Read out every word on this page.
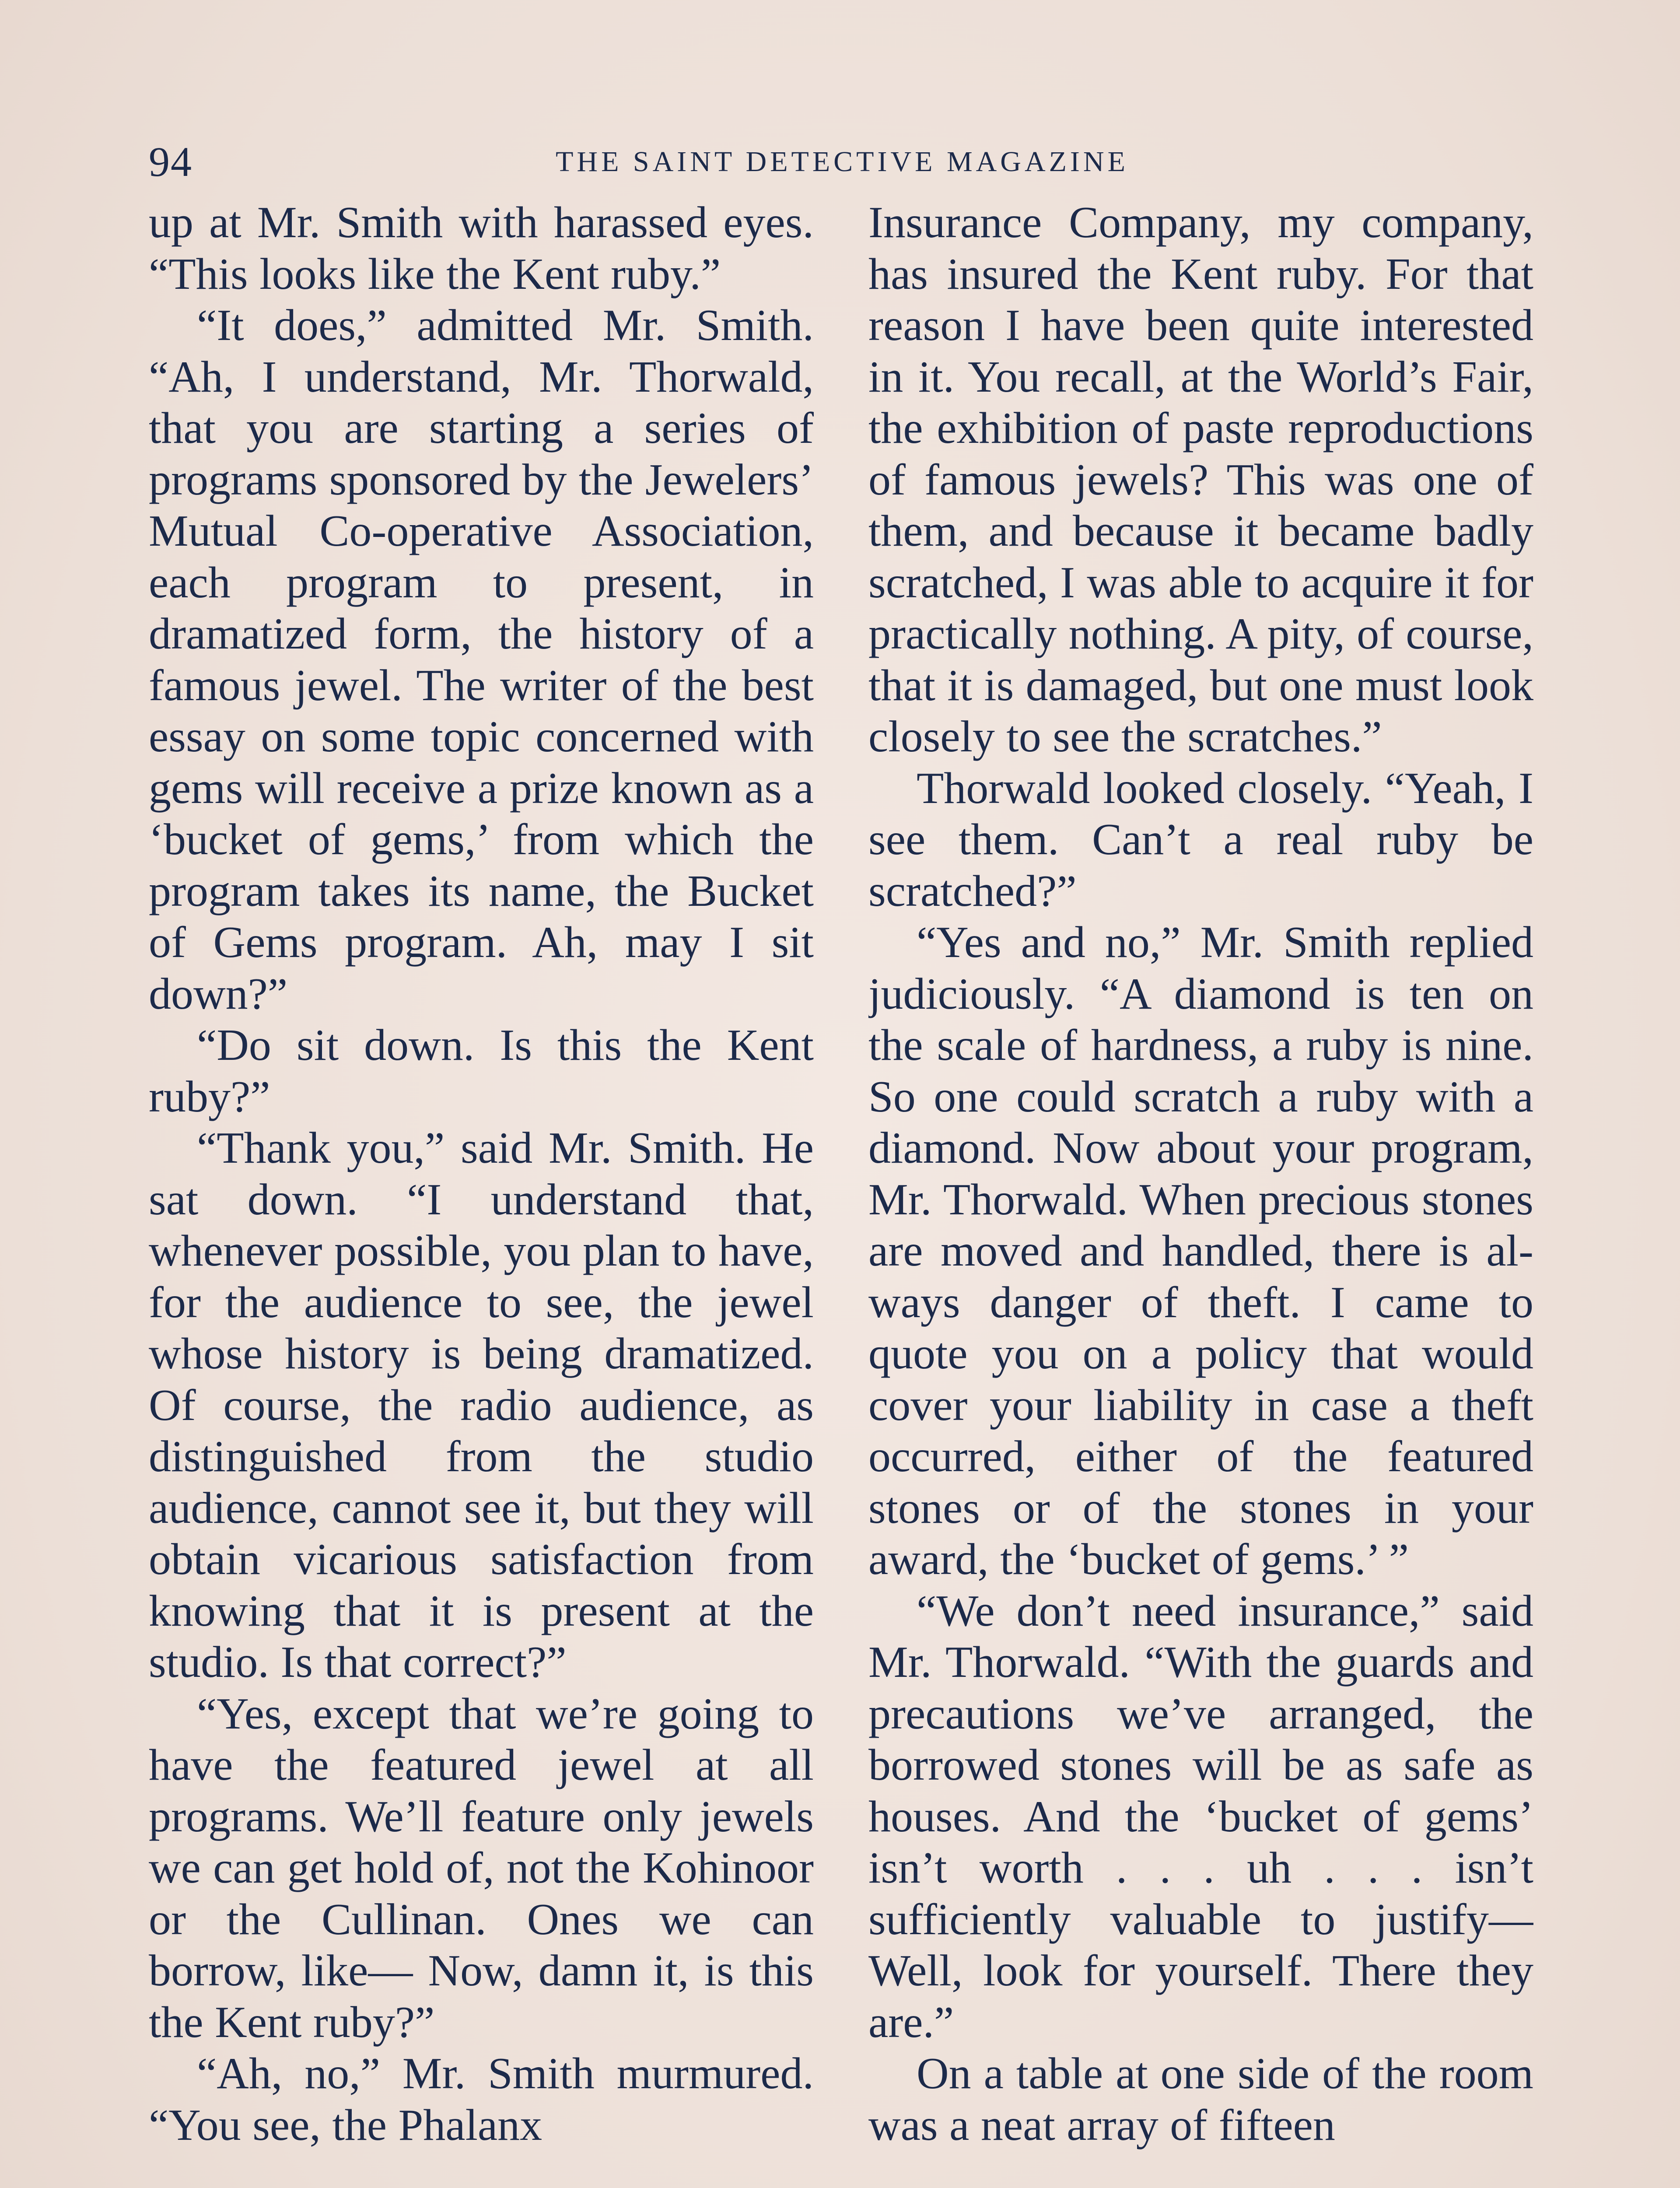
94	THE SAINT DETECTIVE MAGAZINE

up at Mr. Smith with harassed eyes. “This looks like the Kent ruby.”

“It does,” admitted Mr. Smith. “Ah, I understand, Mr. Thorwald, that you are starting a series of programs sponsored by the Jewelers’ Mutual Co-operative Association, each program to present, in dramatized form, the history of a famous jewel. The writer of the best essay on some topic concerned with gems will receive a prize known as a ‘bucket of gems,’ from which the program takes its name, the Bucket of Gems program. Ah, may I sit down?”

“Do sit down. Is this the Kent ruby?”

“Thank you,” said Mr. Smith. He sat down. “I understand that, whenever possible, you plan to have, for the audience to see, the jewel whose history is being dramatized. Of course, the radio audience, as distinguished from the studio audience, cannot see it, but they will obtain vicarious satisfaction from knowing that it is present at the studio. Is that correct?”

“Yes, except that we’re going to have the featured jewel at all programs. We’ll feature only jewels we can get hold of, not the Kohinoor or the Cullinan. Ones we can borrow, like— Now, damn it, is this the Kent ruby?”

“Ah, no,” Mr. Smith murmured. “You see, the Phalanx

Insurance Company, my company, has insured the Kent ruby. For that reason I have been quite interested in it. You recall, at the World’s Fair, the exhibition of paste reproductions of famous jewels? This was one of them, and because it became badly scratched, I was able to acquire it for practically nothing. A pity, of course, that it is damaged, but one must look closely to see the scratches.”

Thorwald looked closely. “Yeah, I see them. Can’t a real ruby be scratched?”

“Yes and no,” Mr. Smith replied judiciously. “A diamond is ten on the scale of hardness, a ruby is nine. So one could scratch a ruby with a diamond. Now about your program, Mr. Thorwald. When precious stones are moved and handled, there is always danger of theft. I came to quote you on a policy that would cover your liability in case a theft occurred, either of the featured stones or of the stones in your award, the ‘bucket of gems.’ ”

“We don’t need insurance,” said Mr. Thorwald. “With the guards and precautions we’ve arranged, the borrowed stones will be as safe as houses. And the ‘bucket of gems’ isn’t worth . . . uh . . . isn’t sufficiently valuable to justify— Well, look for yourself. There they are.”

On a table at one side of the room was a neat array of fifteen
